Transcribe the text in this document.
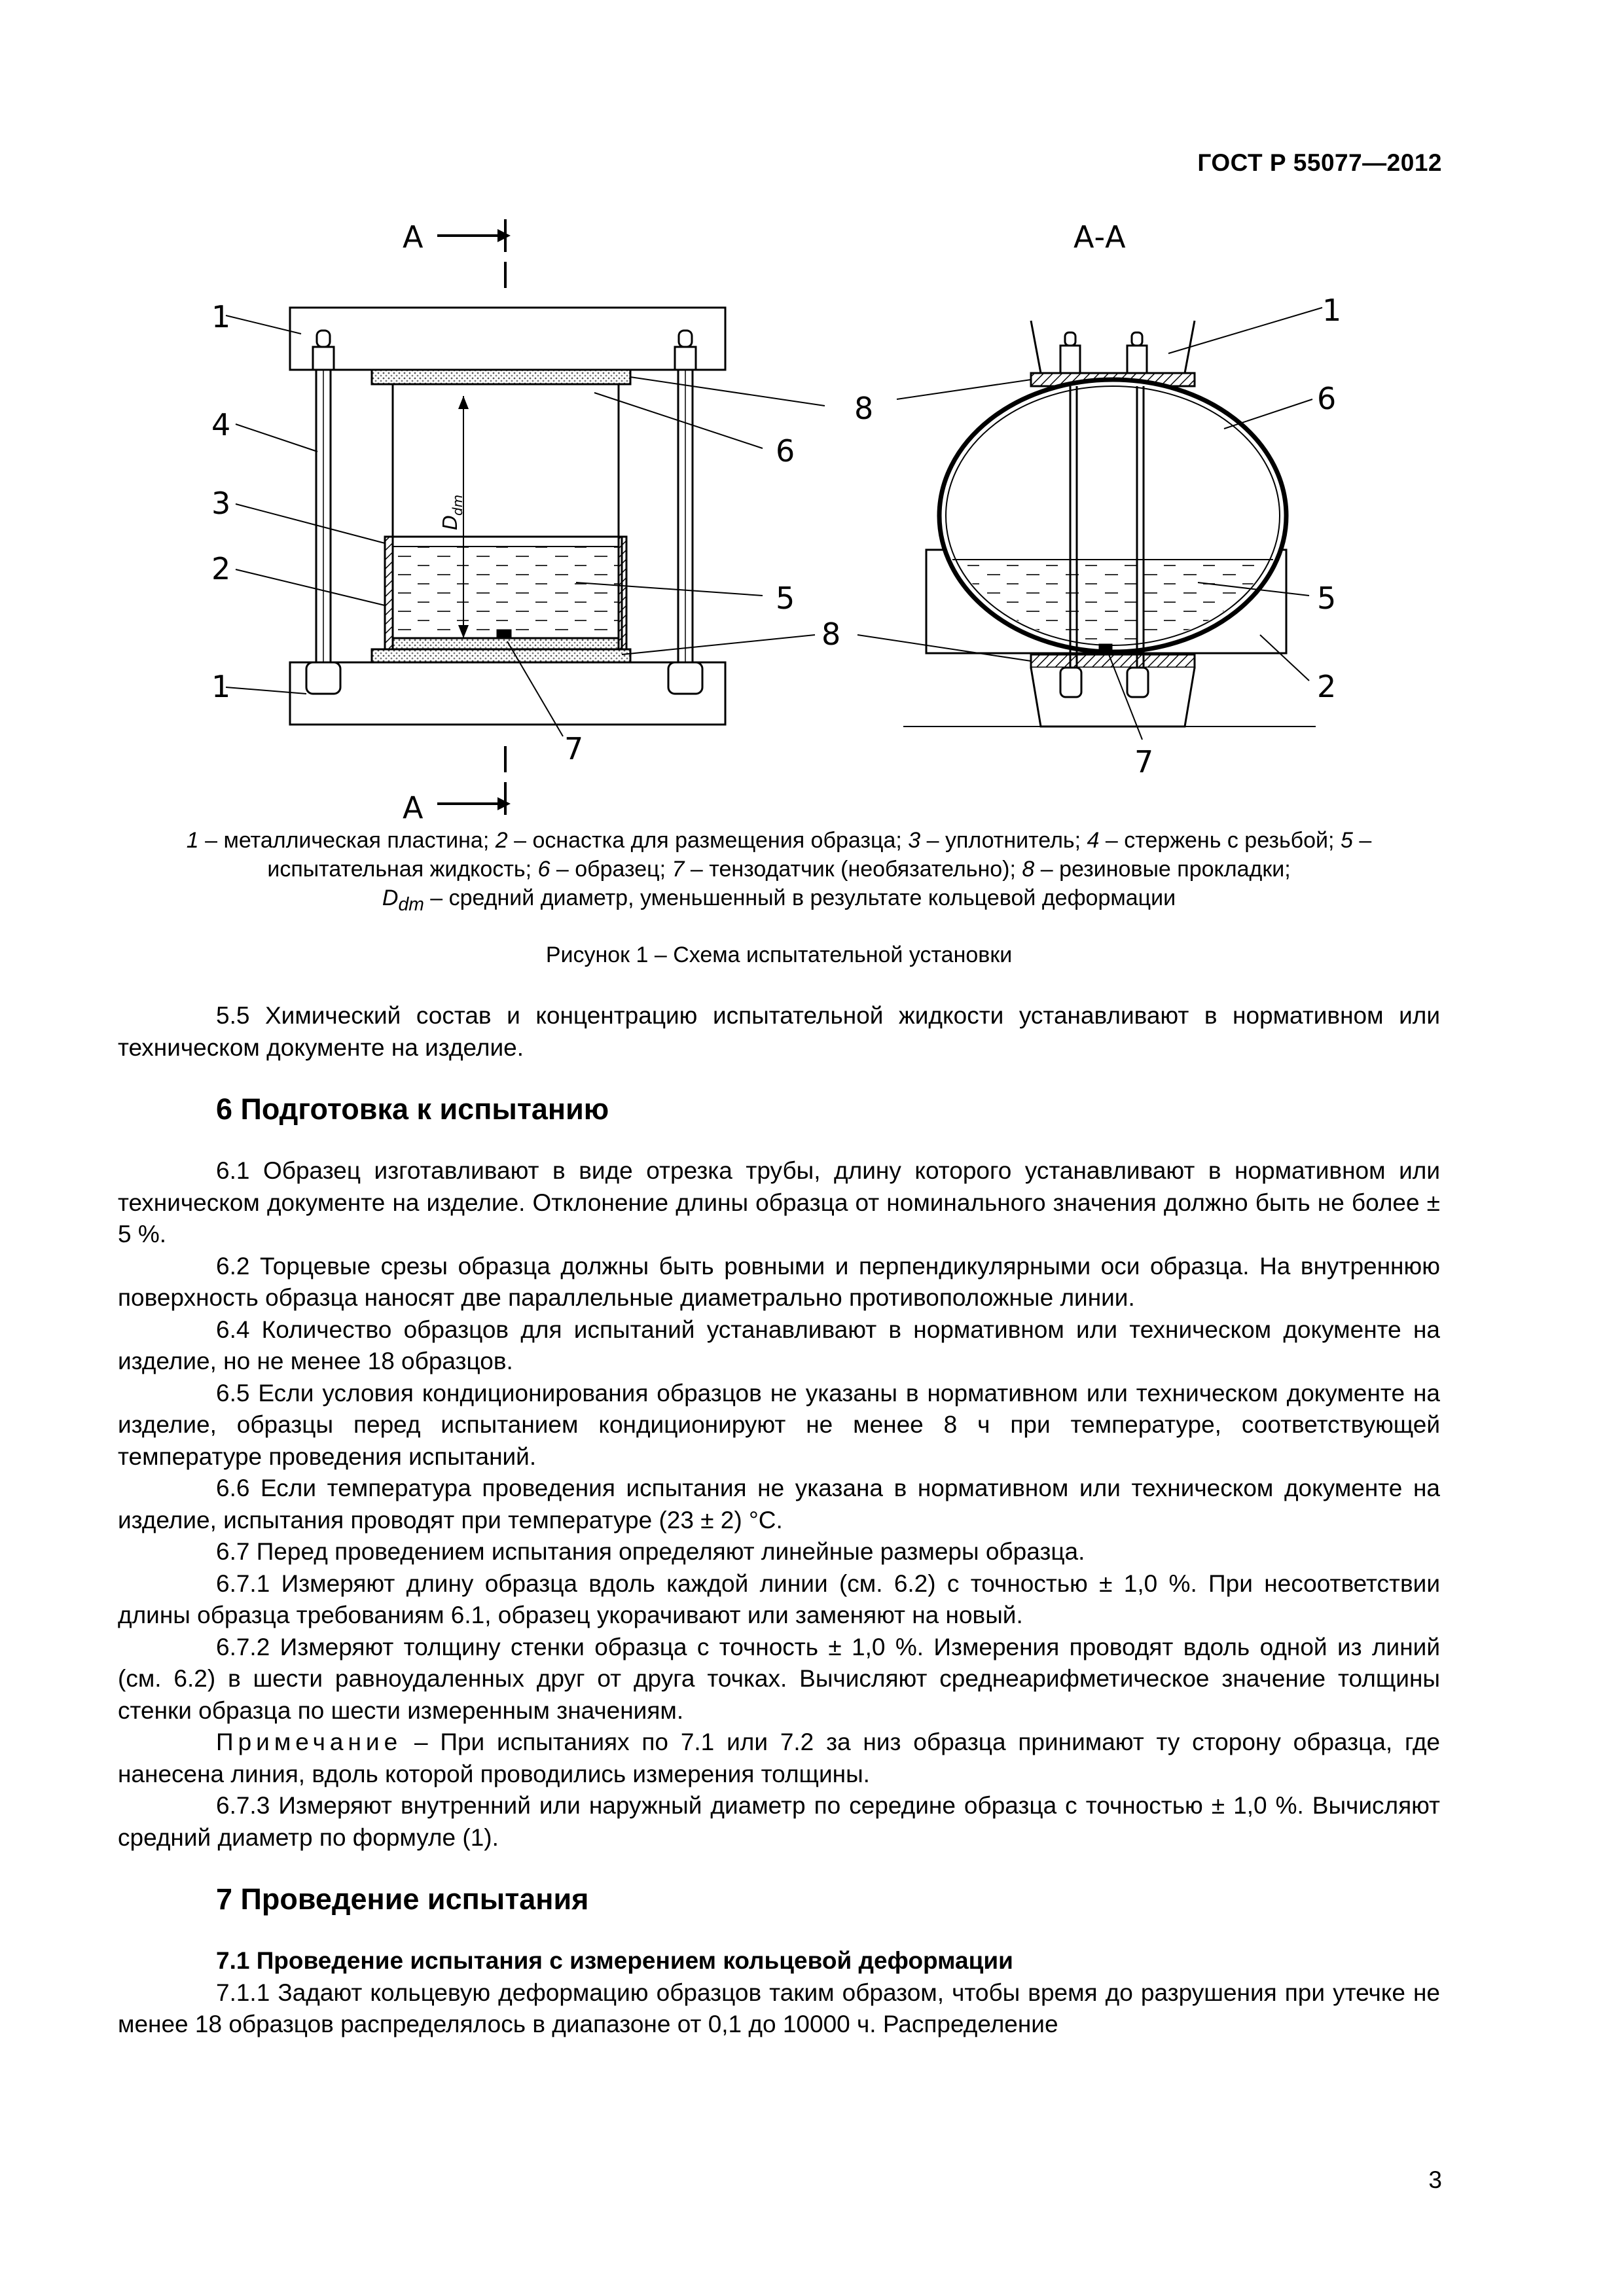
ГОСТ Р 55077—2012
А
А
А-А
1
4
3
2
1
8
6
5
8
7
D
dm
1
6
5
2
7
1 – металлическая пластина; 2 – оснастка для размещения образца; 3 – уплотнитель; 4 – стержень с резьбой; 5 – испытательная жидкость; 6 – образец; 7 – тензодатчик (необязательно); 8 – резиновые прокладки;
$D_{dm}$ – средний диаметр, уменьшенный в результате кольцевой деформации
Рисунок 1 – Схема испытательной установки

5.5 Химический состав и концентрацию испытательной жидкости устанавливают в нормативном или техническом документе на изделие.

6 Подготовка к испытанию

6.1 Образец изготавливают в виде отрезка трубы, длину которого устанавливают в нормативном или техническом документе на изделие. Отклонение длины образца от номинального значения должно быть не более ± 5 %.

6.2 Торцевые срезы образца должны быть ровными и перпендикулярными оси образца. На внутреннюю поверхность образца наносят две параллельные диаметрально противоположные линии.

6.4 Количество образцов для испытаний устанавливают в нормативном или техническом документе на изделие, но не менее 18 образцов.

6.5 Если условия кондиционирования образцов не указаны в нормативном или техническом документе на изделие, образцы перед испытанием кондиционируют не менее 8 ч при температуре, соответствующей температуре проведения испытаний.

6.6 Если температура проведения испытания не указана в нормативном или техническом документе на изделие, испытания проводят при температуре (23 ± 2) °С.

6.7 Перед проведением испытания определяют линейные размеры образца.

6.7.1 Измеряют длину образца вдоль каждой линии (см. 6.2) с точностью ± 1,0 %. При несоответствии длины образца требованиям 6.1, образец укорачивают или заменяют на новый.

6.7.2 Измеряют толщину стенки образца с точность ± 1,0 %. Измерения проводят вдоль одной из линий (см. 6.2) в шести равноудаленных друг от друга точках. Вычисляют среднеарифметическое значение толщины стенки образца по шести измеренным значениям.

Примечание – При испытаниях по 7.1 или 7.2 за низ образца принимают ту сторону образца, где нанесена линия, вдоль которой проводились измерения толщины.

6.7.3 Измеряют внутренний или наружный диаметр по середине образца с точностью ± 1,0 %. Вычисляют средний диаметр по формуле (1).

7 Проведение испытания
7.1 Проведение испытания с измерением кольцевой деформации

7.1.1 Задают кольцевую деформацию образцов таким образом, чтобы время до разрушения при утечке не менее 18 образцов распределялось в диапазоне от 0,1 до 10000 ч. Распределение

3
